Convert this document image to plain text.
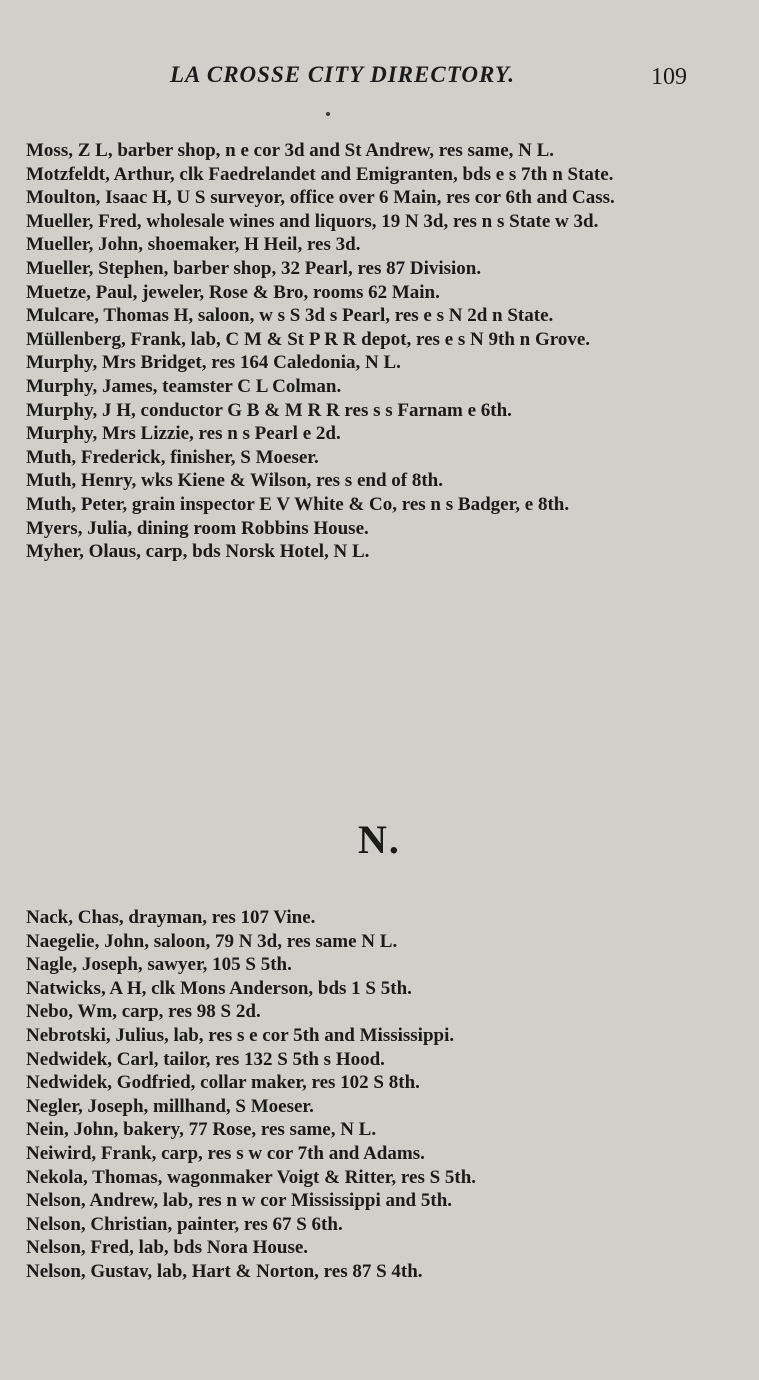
LA CROSSE CITY DIRECTORY.	109
Moss, Z L, barber shop, n e cor 3d and St Andrew, res same, N L.
Motzfeldt, Arthur, clk Faedrelandet and Emigranten, bds e s 7th n State.
Moulton, Isaac H, U S surveyor, office over 6 Main, res cor 6th and Cass.
Mueller, Fred, wholesale wines and liquors, 19 N 3d, res n s State w 3d.
Mueller, John, shoemaker, H Heil, res 3d.
Mueller, Stephen, barber shop, 32 Pearl, res 87 Division.
Muetze, Paul, jeweler, Rose & Bro, rooms 62 Main.
Mulcare, Thomas H, saloon, w s S 3d s Pearl, res e s N 2d n State.
Müllenberg, Frank, lab, C M & St P R R depot, res e s N 9th n Grove.
Murphy, Mrs Bridget, res 164 Caledonia, N L.
Murphy, James, teamster C L Colman.
Murphy, J H, conductor G B & M R R res s s Farnam e 6th.
Murphy, Mrs Lizzie, res n s Pearl e 2d.
Muth, Frederick, finisher, S Moeser.
Muth, Henry, wks Kiene & Wilson, res s end of 8th.
Muth, Peter, grain inspector E V White & Co, res n s Badger, e 8th.
Myers, Julia, dining room Robbins House.
Myher, Olaus, carp, bds Norsk Hotel, N L.
N.
Nack, Chas, drayman, res 107 Vine.
Naegelie, John, saloon, 79 N 3d, res same N L.
Nagle, Joseph, sawyer, 105 S 5th.
Natwicks, A H, clk Mons Anderson, bds 1 S 5th.
Nebo, Wm, carp, res 98 S 2d.
Nebrotski, Julius, lab, res s e cor 5th and Mississippi.
Nedwidek, Carl, tailor, res 132 S 5th s Hood.
Nedwidek, Godfried, collar maker, res 102 S 8th.
Negler, Joseph, millhand, S Moeser.
Nein, John, bakery, 77 Rose, res same, N L.
Neiwird, Frank, carp, res s w cor 7th and Adams.
Nekola, Thomas, wagonmaker Voigt & Ritter, res S 5th.
Nelson, Andrew, lab, res n w cor Mississippi and 5th.
Nelson, Christian, painter, res 67 S 6th.
Nelson, Fred, lab, bds Nora House.
Nelson, Gustav, lab, Hart & Norton, res 87 S 4th.
